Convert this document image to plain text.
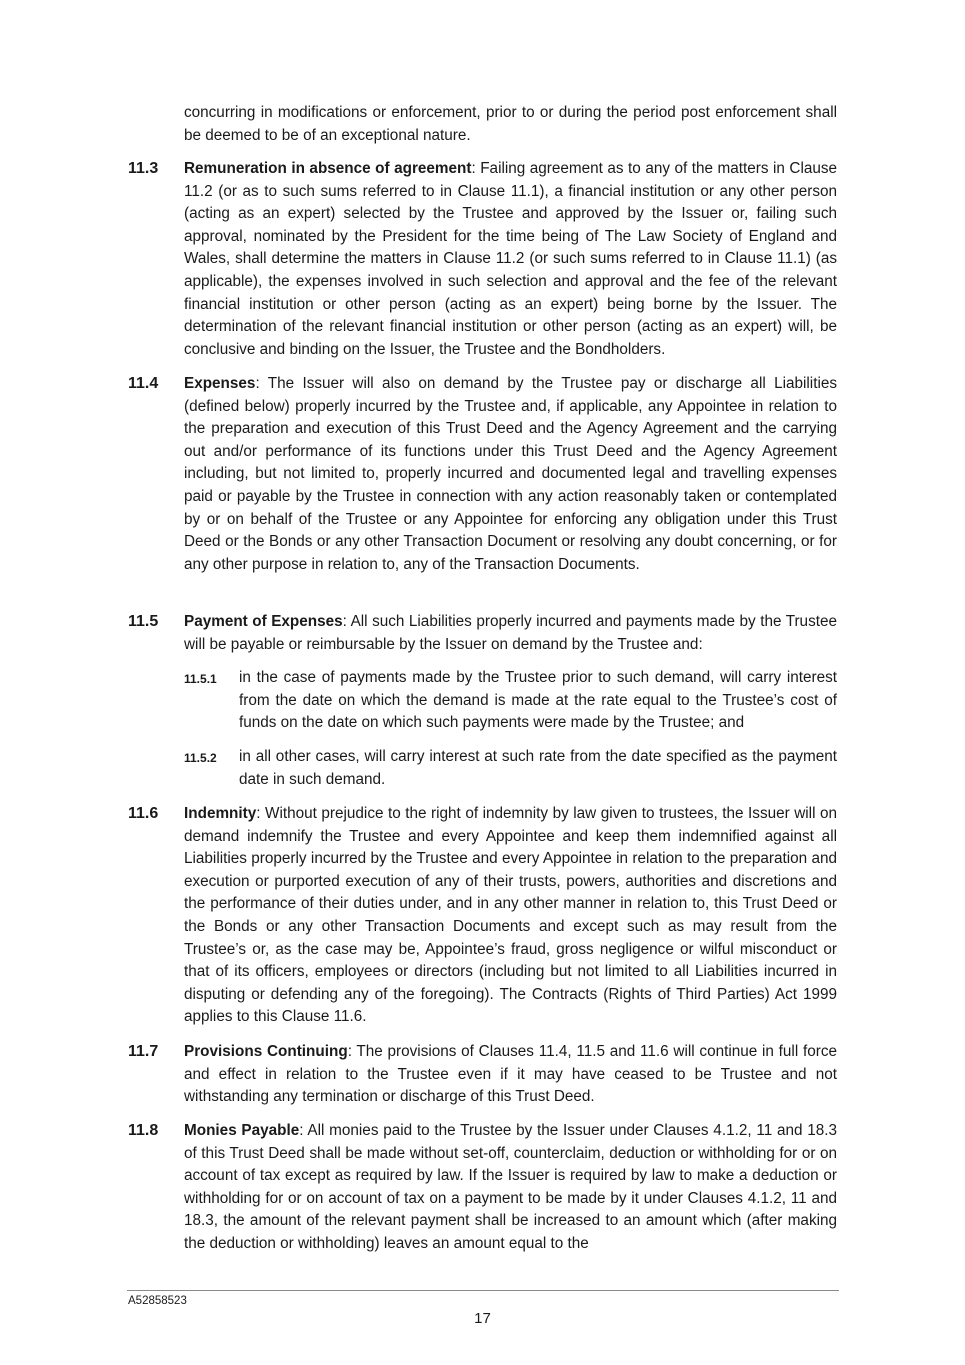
concurring in modifications or enforcement, prior to or during the period post enforcement shall be deemed to be of an exceptional nature.
11.3 Remuneration in absence of agreement: Failing agreement as to any of the matters in Clause 11.2 (or as to such sums referred to in Clause 11.1), a financial institution or any other person (acting as an expert) selected by the Trustee and approved by the Issuer or, failing such approval, nominated by the President for the time being of The Law Society of England and Wales, shall determine the matters in Clause 11.2 (or such sums referred to in Clause 11.1) (as applicable), the expenses involved in such selection and approval and the fee of the relevant financial institution or other person (acting as an expert) being borne by the Issuer. The determination of the relevant financial institution or other person (acting as an expert) will, be conclusive and binding on the Issuer, the Trustee and the Bondholders.
11.4 Expenses: The Issuer will also on demand by the Trustee pay or discharge all Liabilities (defined below) properly incurred by the Trustee and, if applicable, any Appointee in relation to the preparation and execution of this Trust Deed and the Agency Agreement and the carrying out and/or performance of its functions under this Trust Deed and the Agency Agreement including, but not limited to, properly incurred and documented legal and travelling expenses paid or payable by the Trustee in connection with any action reasonably taken or contemplated by or on behalf of the Trustee or any Appointee for enforcing any obligation under this Trust Deed or the Bonds or any other Transaction Document or resolving any doubt concerning, or for any other purpose in relation to, any of the Transaction Documents.
11.5 Payment of Expenses: All such Liabilities properly incurred and payments made by the Trustee will be payable or reimbursable by the Issuer on demand by the Trustee and:
11.5.1 in the case of payments made by the Trustee prior to such demand, will carry interest from the date on which the demand is made at the rate equal to the Trustee’s cost of funds on the date on which such payments were made by the Trustee; and
11.5.2 in all other cases, will carry interest at such rate from the date specified as the payment date in such demand.
11.6 Indemnity: Without prejudice to the right of indemnity by law given to trustees, the Issuer will on demand indemnify the Trustee and every Appointee and keep them indemnified against all Liabilities properly incurred by the Trustee and every Appointee in relation to the preparation and execution or purported execution of any of their trusts, powers, authorities and discretions and the performance of their duties under, and in any other manner in relation to, this Trust Deed or the Bonds or any other Transaction Documents and except such as may result from the Trustee’s or, as the case may be, Appointee’s fraud, gross negligence or wilful misconduct or that of its officers, employees or directors (including but not limited to all Liabilities incurred in disputing or defending any of the foregoing). The Contracts (Rights of Third Parties) Act 1999 applies to this Clause 11.6.
11.7 Provisions Continuing: The provisions of Clauses 11.4, 11.5 and 11.6 will continue in full force and effect in relation to the Trustee even if it may have ceased to be Trustee and not withstanding any termination or discharge of this Trust Deed.
11.8 Monies Payable: All monies paid to the Trustee by the Issuer under Clauses 4.1.2, 11 and 18.3 of this Trust Deed shall be made without set-off, counterclaim, deduction or withholding for or on account of tax except as required by law. If the Issuer is required by law to make a deduction or withholding for or on account of tax on a payment to be made by it under Clauses 4.1.2, 11 and 18.3, the amount of the relevant payment shall be increased to an amount which (after making the deduction or withholding) leaves an amount equal to the
A52858523
17
